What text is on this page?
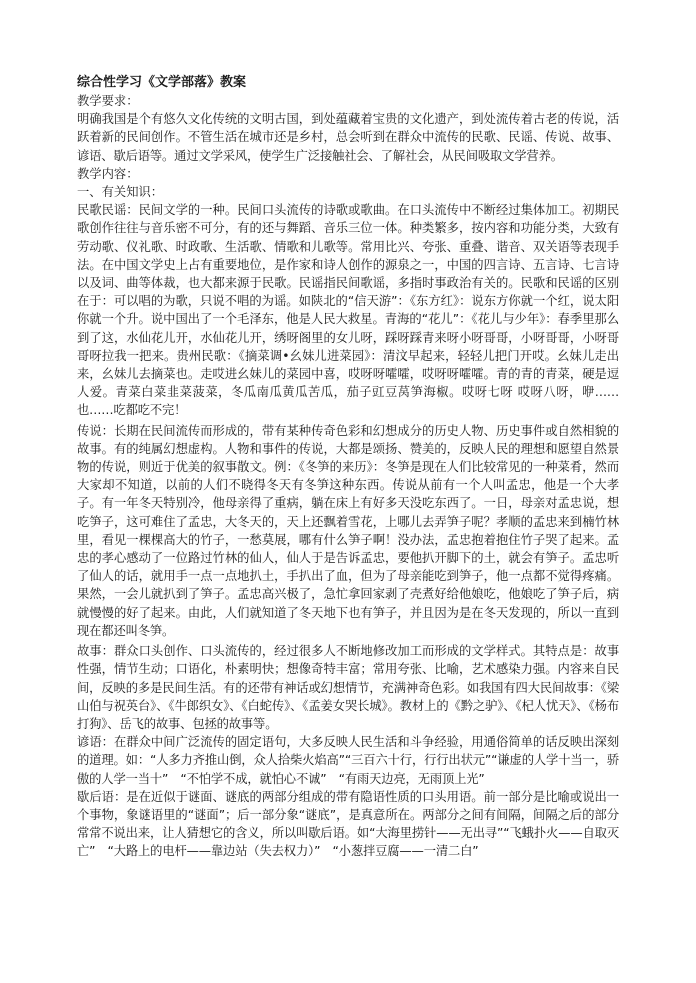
综合性学习《文学部落》教案

教学要求：

明确我国是个有悠久文化传统的文明古国，到处蕴藏着宝贵的文化遗产，到处流传着古老的传说，活跃着新的民间创作。不管生活在城市还是乡村，总会听到在群众中流传的民歌、民谣、传说、故事、谚语、歇后语等。通过文学采风，使学生广泛接触社会、了解社会，从民间吸取文学营养。

教学内容：

一、有关知识：

民歌民谣：民间文学的一种。民间口头流传的诗歌或歌曲。在口头流传中不断经过集体加工。初期民歌创作往往与音乐密不可分，有的还与舞蹈、音乐三位一体。种类繁多，按内容和功能分类，大致有劳动歌、仪礼歌、时政歌、生活歌、情歌和儿歌等。常用比兴、夸张、重叠、谐音、双关语等表现手法。在中国文学史上占有重要地位，是作家和诗人创作的源泉之一，中国的四言诗、五言诗、七言诗以及词、曲等体裁，也大都来源于民歌。民谣指民间歌谣，多指时事政治有关的。民歌和民谣的区别在于：可以唱的为歌，只说不唱的为谣。如陕北的“信天游”：《东方红》：说东方你就一个红，说太阳你就一个升。说中国出了一个毛泽东，他是人民大救星。青海的“花儿”：《花儿与少年》：春季里那么到了这，水仙花儿开，水仙花儿开，绣呀阁里的女儿呀，踩呀踩青来呀小呀哥哥，小呀哥哥，小呀哥哥呀拉我一把来。贵州民歌：《摘菜调•幺妹儿进菜园》：清汶早起来，轻轻儿把门开哎。幺妹儿走出来，幺妹儿去摘菜也。走哎进幺妹儿的菜园中喜，哎呀呀嚯嚯，哎呀呀嚯嚯。青的青的青菜，硬是逗人爱。青菜白菜韭菜菠菜，冬瓜南瓜黄瓜苦瓜，茄子豇豆莴笋海椒。哎呀七呀 哎呀八呀，咿……也……吃都吃不完！

传说：长期在民间流传而形成的，带有某种传奇色彩和幻想成分的历史人物、历史事件或自然相貌的故事。有的纯属幻想虚构。人物和事件的传说，大都是颂扬、赞美的，反映人民的理想和愿望自然景物的传说，则近于优美的叙事散文。例：《冬笋的来历》：冬笋是现在人们比较常见的一种菜肴，然而大家却不知道，以前的人们不晓得冬天有冬笋这种东西。传说从前有一个人叫孟忠，他是一个大孝子。有一年冬天特别冷，他母亲得了重病，躺在床上有好多天没吃东西了。一日，母亲对孟忠说，想吃笋子，这可难住了孟忠，大冬天的，天上还飘着雪花，上哪儿去弄笋子呢？孝顺的孟忠来到楠竹林里，看见一棵棵高大的竹子，一愁莫展，哪有什么笋子啊！没办法，孟忠抱着抱住竹子哭了起来。孟忠的孝心感动了一位路过竹林的仙人，仙人于是告诉孟忠，要他扒开脚下的土，就会有笋子。孟忠听了仙人的话，就用手一点一点地扒土，手扒出了血，但为了母亲能吃到笋子，他一点都不觉得疼痛。果然，一会儿就扒到了笋子。孟忠高兴极了，急忙拿回家剥了壳煮好给他娘吃，他娘吃了笋子后，病就慢慢的好了起来。由此，人们就知道了冬天地下也有笋子，并且因为是在冬天发现的，所以一直到现在都还叫冬笋。

故事：群众口头创作、口头流传的，经过很多人不断地修改加工而形成的文学样式。其特点是：故事性强，情节生动；口语化，朴素明快；想像奇特丰富；常用夸张、比喻，艺术感染力强。内容来自民间，反映的多是民间生活。有的还带有神话或幻想情节，充满神奇色彩。如我国有四大民间故事：《梁山伯与祝英台》、《牛郎织女》、《白蛇传》、《孟姜女哭长城》。教材上的《黔之驴》、《杞人忧天》、《杨布打狗》、岳飞的故事、包拯的故事等。

谚语：在群众中间广泛流传的固定语句，大多反映人民生活和斗争经验，用通俗简单的话反映出深刻的道理。如：“人多力齐推山倒，众人拾柴火焰高”“三百六十行，行行出状元”“谦虚的人学十当一，骄傲的人学一当十”　“不怕学不成，就怕心不诚”　“有雨天边亮，无雨顶上光”

歇后语：是在近似于谜面、谜底的两部分组成的带有隐语性质的口头用语。前一部分是比喻或说出一个事物，象谜语里的“谜面”；后一部分象“谜底”，是真意所在。两部分之间有间隔，间隔之后的部分常常不说出来，让人猜想它的含义，所以叫歇后语。如“大海里捞针——无出寻”“飞蛾扑火——自取灭亡”　“大路上的电杆——靠边站（失去权力）”　“小葱拌豆腐——一清二白”
